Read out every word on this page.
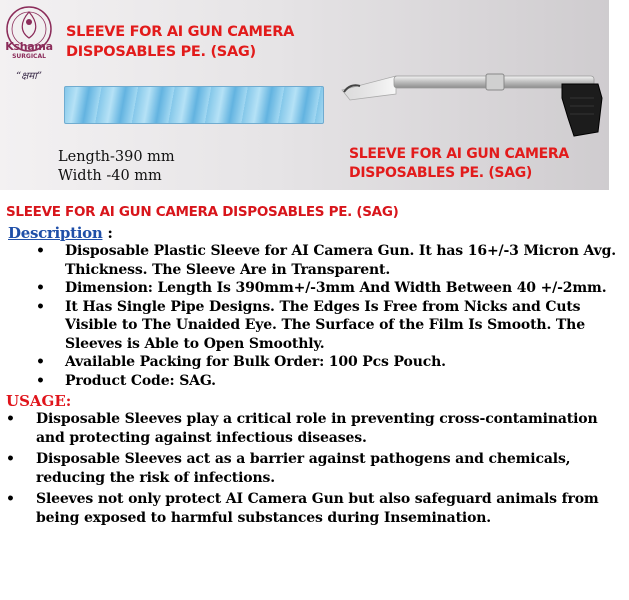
Kshama
SURGICAL
“क्षमा”
SLEEVE FOR AI GUN CAMERA
DISPOSABLES PE. (SAG)
Length-390 mm
Width -40 mm
SLEEVE FOR AI GUN CAMERA
DISPOSABLES PE. (SAG)
SLEEVE FOR AI GUN CAMERA DISPOSABLES PE. (SAG)
Description :
• Disposable Plastic Sleeve for AI Camera Gun. It has 16+/-3 Micron Avg. Thickness. The Sleeve Are in Transparent.
• Dimension: Length Is 390mm+/-3mm And Width Between 40 +/-2mm.
• It Has Single Pipe Designs. The Edges Is Free from Nicks and Cuts Visible to The Unaided Eye. The Surface of the Film Is Smooth. The Sleeves is Able to Open Smoothly.
• Available Packing for Bulk Order: 100 Pcs Pouch.
• Product Code: SAG.
USAGE:
• Disposable Sleeves play a critical role in preventing cross-contamination and protecting against infectious diseases.
• Disposable Sleeves act as a barrier against pathogens and chemicals, reducing the risk of infections.
• Sleeves not only protect AI Camera Gun but also safeguard animals from being exposed to harmful substances during Insemination.
